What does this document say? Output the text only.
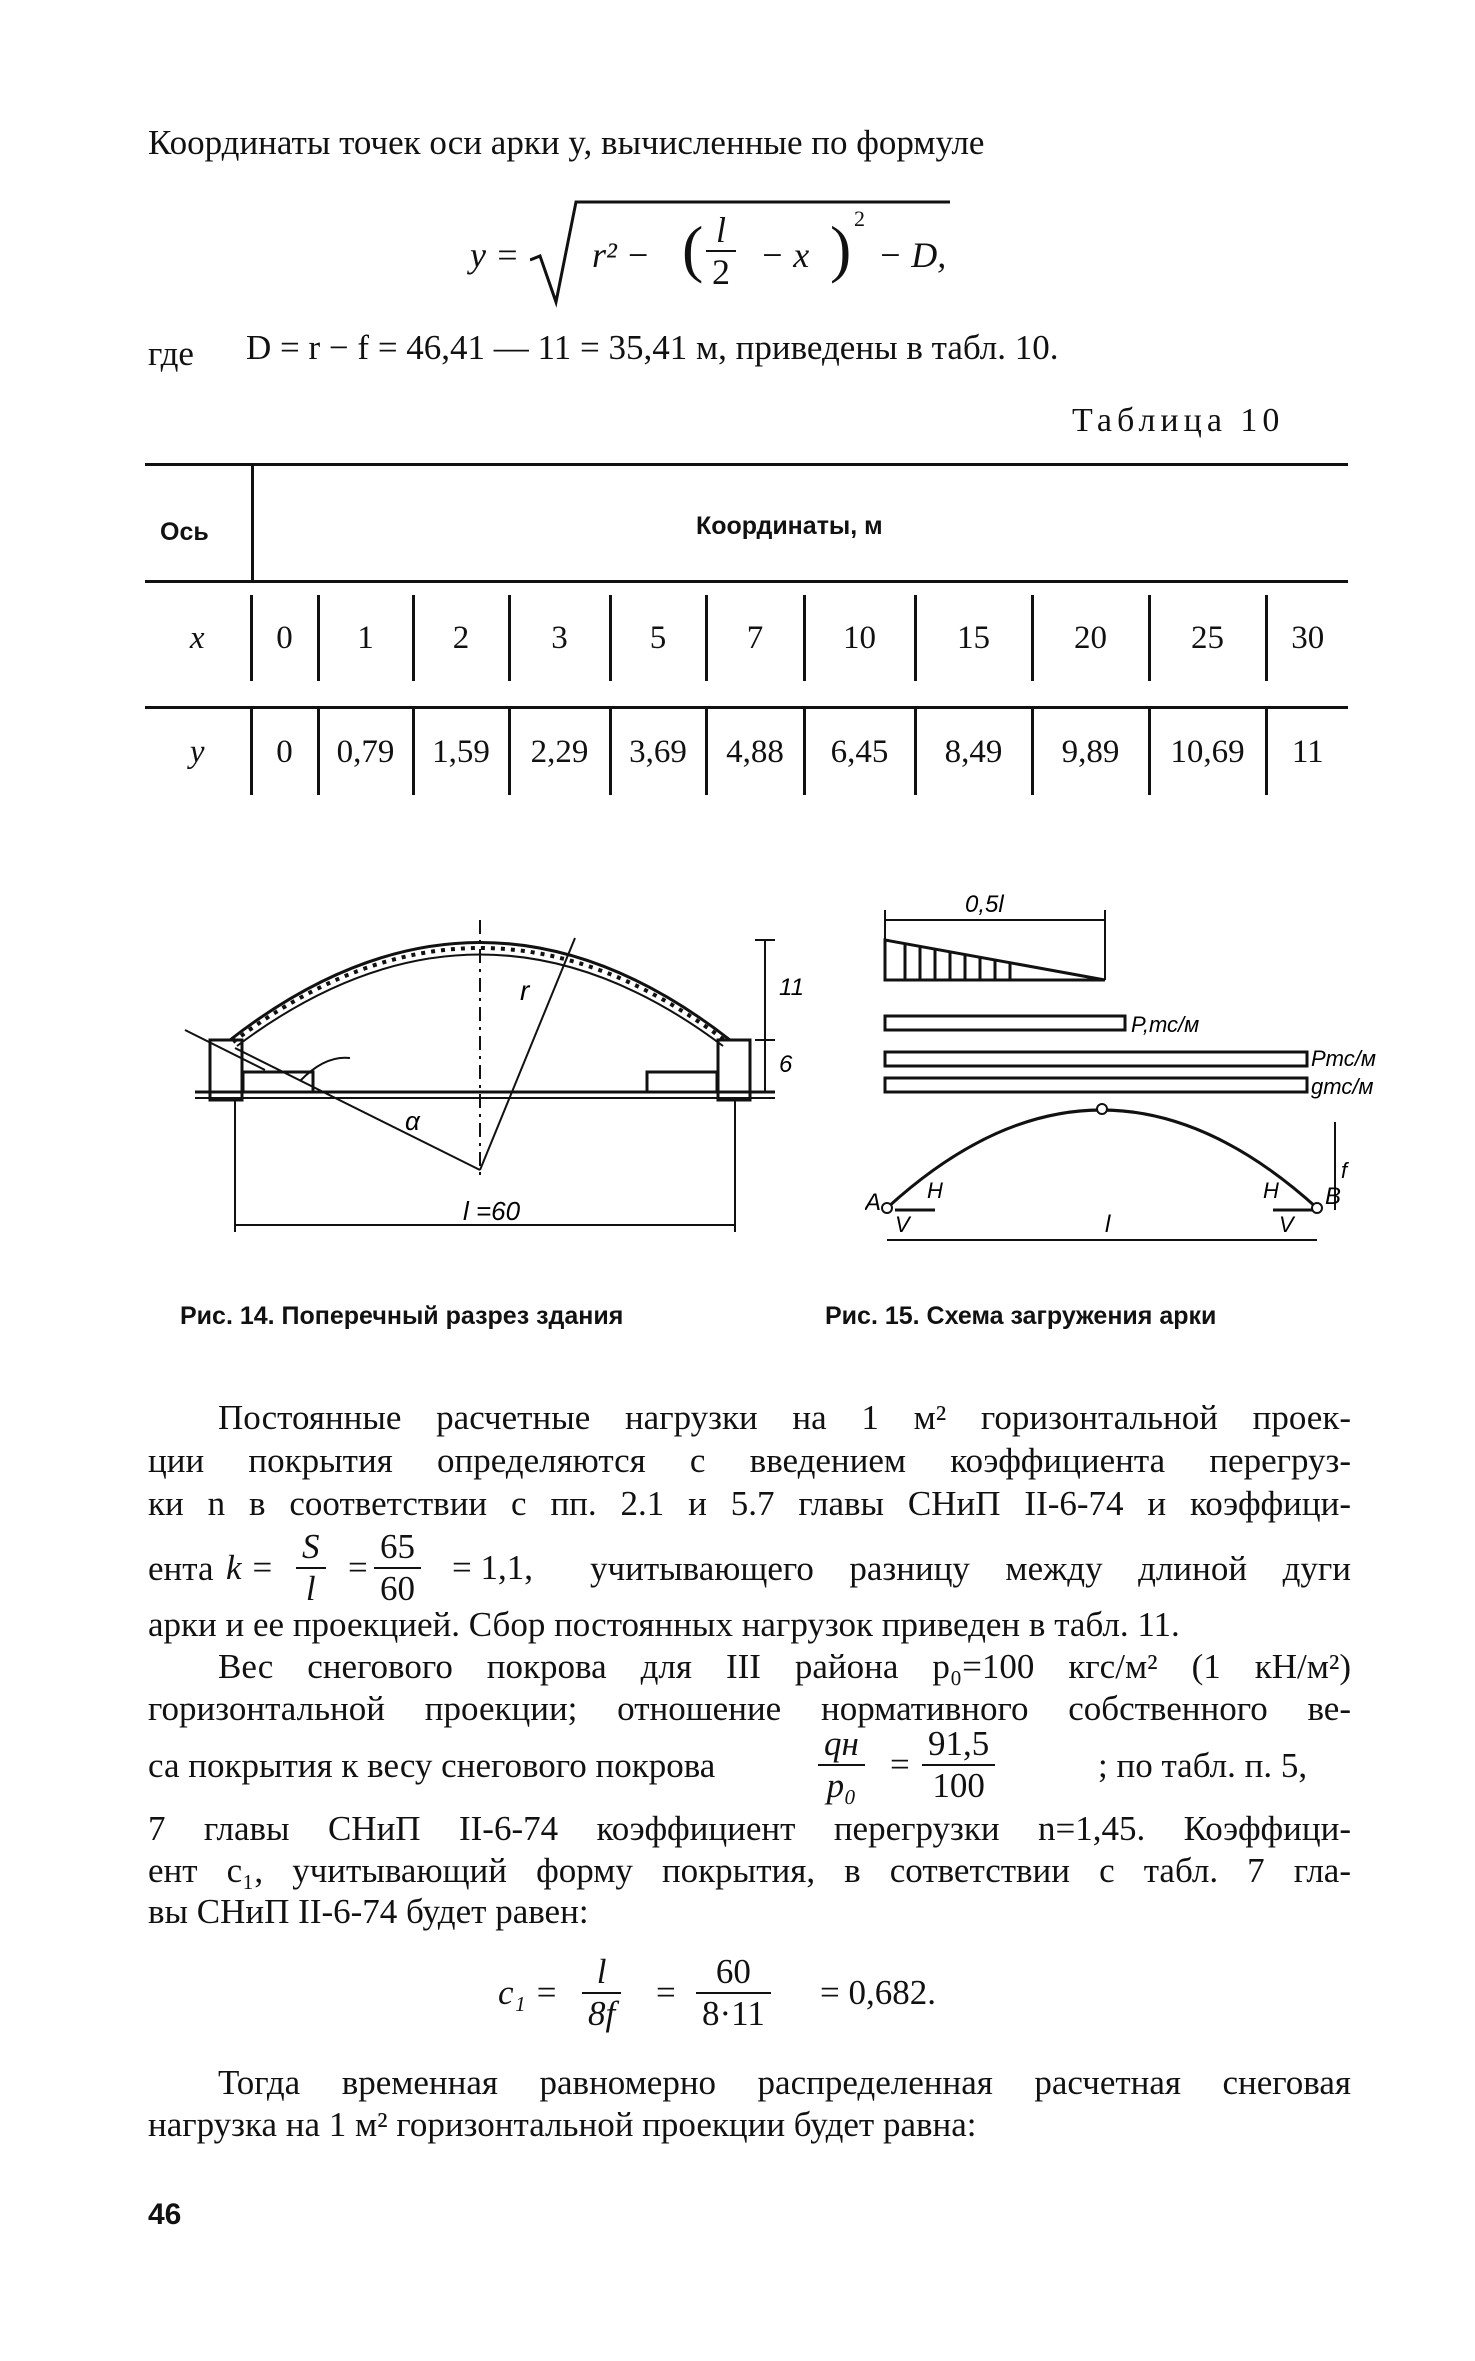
Координаты точек оси арки y, вычисленные по формуле
y = r² − ( $\frac{l}{2} - x$ ) 2
− D,
где D = r − f = 46,41 — 11 = 35,41 м, приведены в табл. 10.
Таблица 10
Ось	Координаты, м
x	0	1	2	3	5	7	10	15	20	25	30

y	0	0,79	1,59	2,29	3,69	4,88	6,45	8,49	9,89	10,69	11
r
α
l =60
11
6
0,5l
P,тс/м
Pтс/м
gтс/м
A	B
H	H
l
V	V
f
Рис. 14. Поперечный разрез здания	Рис. 15. Схема загружения арки
Постоянные расчетные нагрузки на 1 м² горизонтальной проек-
ции покрытия определяются с введением коэффициента перегруз-
ки n в соответствии с пп. 2.1 и 5.7 главы СНиП II-6-74 и коэффици-
ента $k = \frac{S}{l} = \frac{65}{60} = 1,1$, учитывающего разницу между длиной дуги
арки и ее проекцией. Сбор постоянных нагрузок приведен в табл. 11.
Вес снегового покрова для III района p₀=100 кгс/м² (1 кН/м²)
горизонтальной проекции; отношение нормативного собственного ве-
са покрытия к весу снегового покрова
qн
p₀
= $\frac{91,5}{100}$	; по табл. п. 5,
7 главы СНиП II-6-74 коэффициент перегрузки n=1,45. Коэффици-
ент c₁, учитывающий форму покрытия, в сответствии с табл. 7 гла-
вы СНиП II-6-74 будет равен:
$c_1 = \frac{l}{8f} = \frac{60}{8\cdot 11} = 0,682$.
Тогда временная равномерно распределенная расчетная снеговая
нагрузка на 1 м² горизонтальной проекции будет равна:
46
